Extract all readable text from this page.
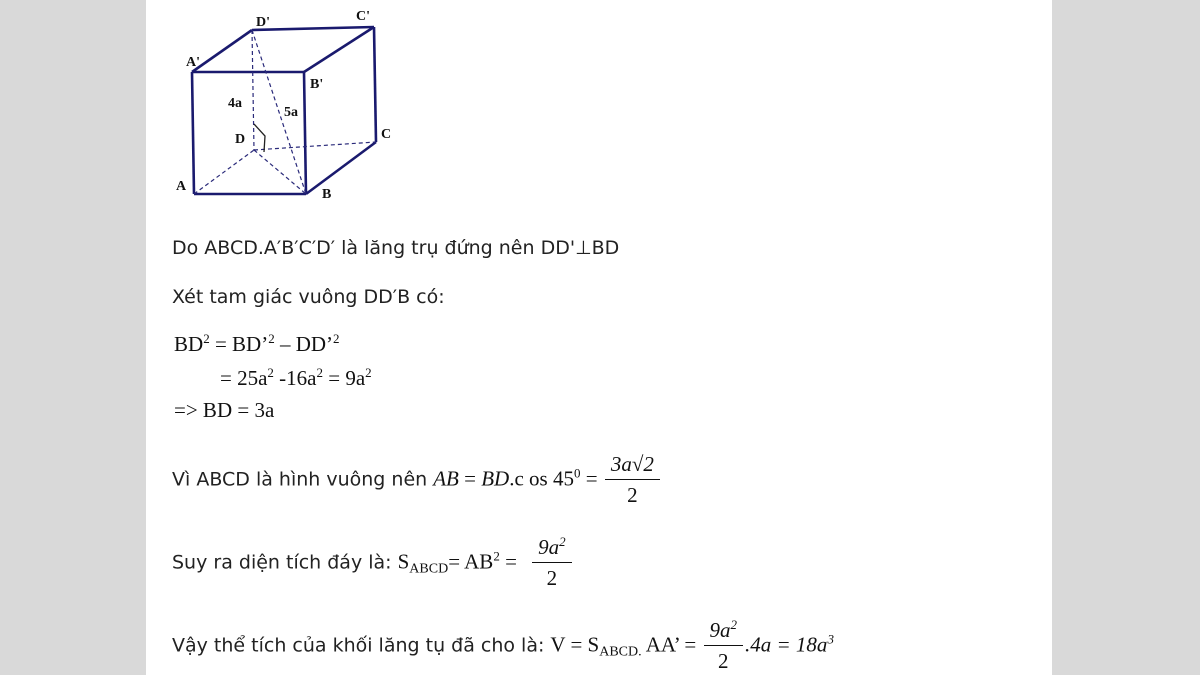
D'	C'
A'
B'
4a
5a
D	C
A
B
Do ABCD.A′B′C′D′ là lăng trụ đứng nên DD'⊥BD
Xét tam giác vuông DD′B có:
$BD^2$ = BD’$^2$ – DD’$^2$
= $25a^2$ $-16a^2 = 9a^2$
=> BD = 3a
Vì ABCD là hình vuông nên AB = BD.c os $45^0 = \frac{3a√2}{2}$
Suy ra diện tích đáy là: $S_{ABCD}= AB^2 = \frac{9a^2}{2}$
Vậy thể tích của khối lăng tụ đã cho là: $V = S_{ABCD.}$ AA’ = $\frac{9a^2}{2} .4a = 18a^3$
